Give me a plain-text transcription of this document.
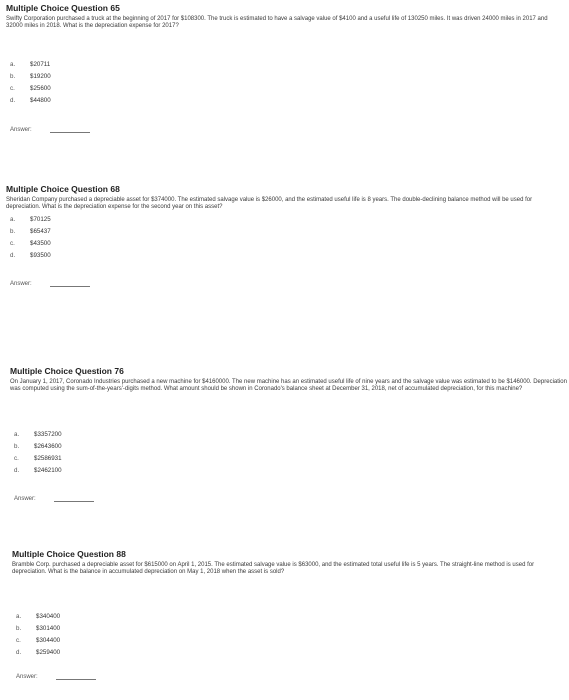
Multiple Choice Question 65
Swifty Corporation purchased a truck at the beginning of 2017 for $108300. The truck is estimated to have a salvage value of $4100 and a useful life of 130250 miles. It was driven 24000 miles in 2017 and 32000 miles in 2018. What is the depreciation expense for 2017?
a. $20711
b. $19200
c. $25600
d. $44800
Answer:
Multiple Choice Question 68
Sheridan Company purchased a depreciable asset for $374000. The estimated salvage value is $26000, and the estimated useful life is 8 years. The double-declining balance method will be used for depreciation. What is the depreciation expense for the second year on this asset?
a. $70125
b. $65437
c. $43500
d. $93500
Answer:
Multiple Choice Question 76
On January 1, 2017, Coronado Industries purchased a new machine for $4160000. The new machine has an estimated useful life of nine years and the salvage value was estimated to be $146000. Depreciation was computed using the sum-of-the-years'-digits method. What amount should be shown in Coronado's balance sheet at December 31, 2018, net of accumulated depreciation, for this machine?
a. $3357200
b. $2643600
c. $2586931
d. $2462100
Answer:
Multiple Choice Question 88
Bramble Corp. purchased a depreciable asset for $615000 on April 1, 2015. The estimated salvage value is $63000, and the estimated total useful life is 5 years. The straight-line method is used for depreciation. What is the balance in accumulated depreciation on May 1, 2018 when the asset is sold?
a. $340400
b. $301400
c. $304400
d. $259400
Answer:
